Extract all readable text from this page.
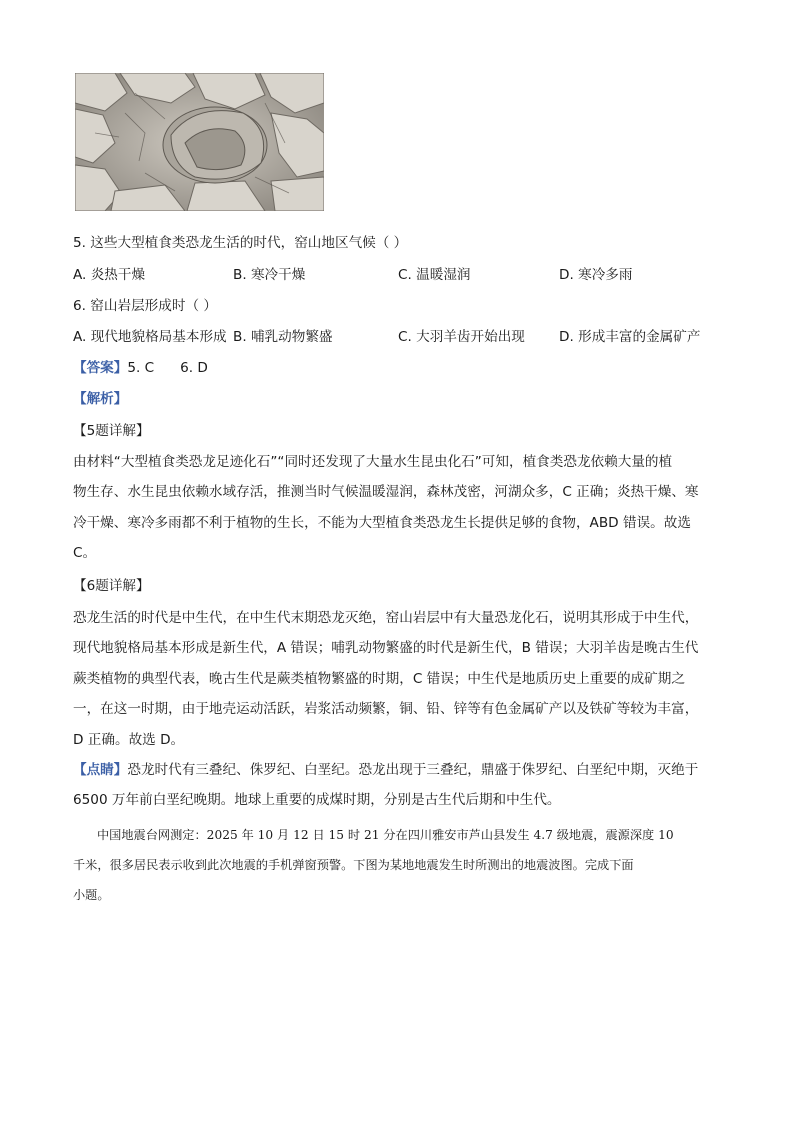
5. 这些大型植食类恐龙生活的时代，窑山地区气候（ ）
A. 炎热干燥	B. 寒冷干燥	C. 温暖湿润	D. 寒冷多雨
6. 窑山岩层形成时（ ）
A. 现代地貌格局基本形成 B. 哺乳动物繁盛	C. 大羽羊齿开始出现	D. 形成丰富的金属矿产
【答案】5. C      6. D
【解析】
【5题详解】
由材料“大型植食类恐龙足迹化石”“同时还发现了大量水生昆虫化石”可知，植食类恐龙依赖大量的植
物生存、水生昆虫依赖水域存活，推测当时气候温暖湿润，森林茂密，河湖众多，C 正确；炎热干燥、寒
冷干燥、寒冷多雨都不利于植物的生长，不能为大型植食类恐龙生长提供足够的食物，ABD 错误。故选
C。
【6题详解】
恐龙生活的时代是中生代，在中生代末期恐龙灭绝，窑山岩层中有大量恐龙化石，说明其形成于中生代，
现代地貌格局基本形成是新生代，A 错误；哺乳动物繁盛的时代是新生代，B 错误；大羽羊齿是晚古生代
蕨类植物的典型代表，晚古生代是蕨类植物繁盛的时期，C 错误；中生代是地质历史上重要的成矿期之
一，在这一时期，由于地壳运动活跃，岩浆活动频繁，铜、铅、锌等有色金属矿产以及铁矿等较为丰富，
D 正确。故选 D。
【点睛】恐龙时代有三叠纪、侏罗纪、白垩纪。恐龙出现于三叠纪，鼎盛于侏罗纪、白垩纪中期，灭绝于
6500 万年前白垩纪晚期。地球上重要的成煤时期，分别是古生代后期和中生代。
中国地震台网测定：2025 年 10 月 12 日 15 时 21 分在四川雅安市芦山县发生 4.7 级地震，震源深度 10
千米，很多居民表示收到此次地震的手机弹窗预警。下图为某地地震发生时所测出的地震波图。完成下面
小题。
